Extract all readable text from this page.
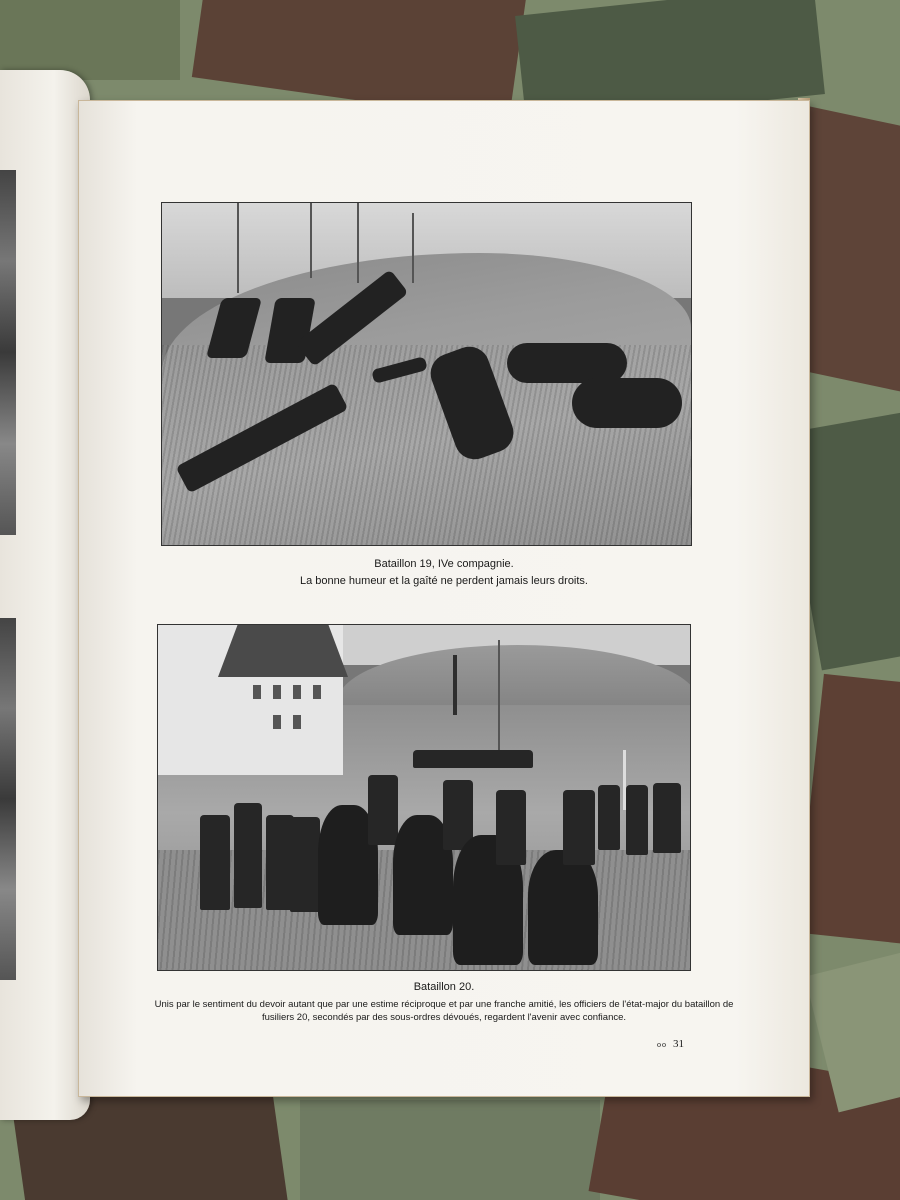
Bataillon 19, IVe compagnie.
La bonne humeur et la gaîté ne perdent jamais leurs droits.
Bataillon 20.
Unis par le sentiment du devoir autant que par une estime réciproque et par une franche amitié, les officiers de l'état-major du bataillon de fusiliers 20, secondés par des sous-ordres dévoués, regardent l'avenir avec confiance.
oo 31
